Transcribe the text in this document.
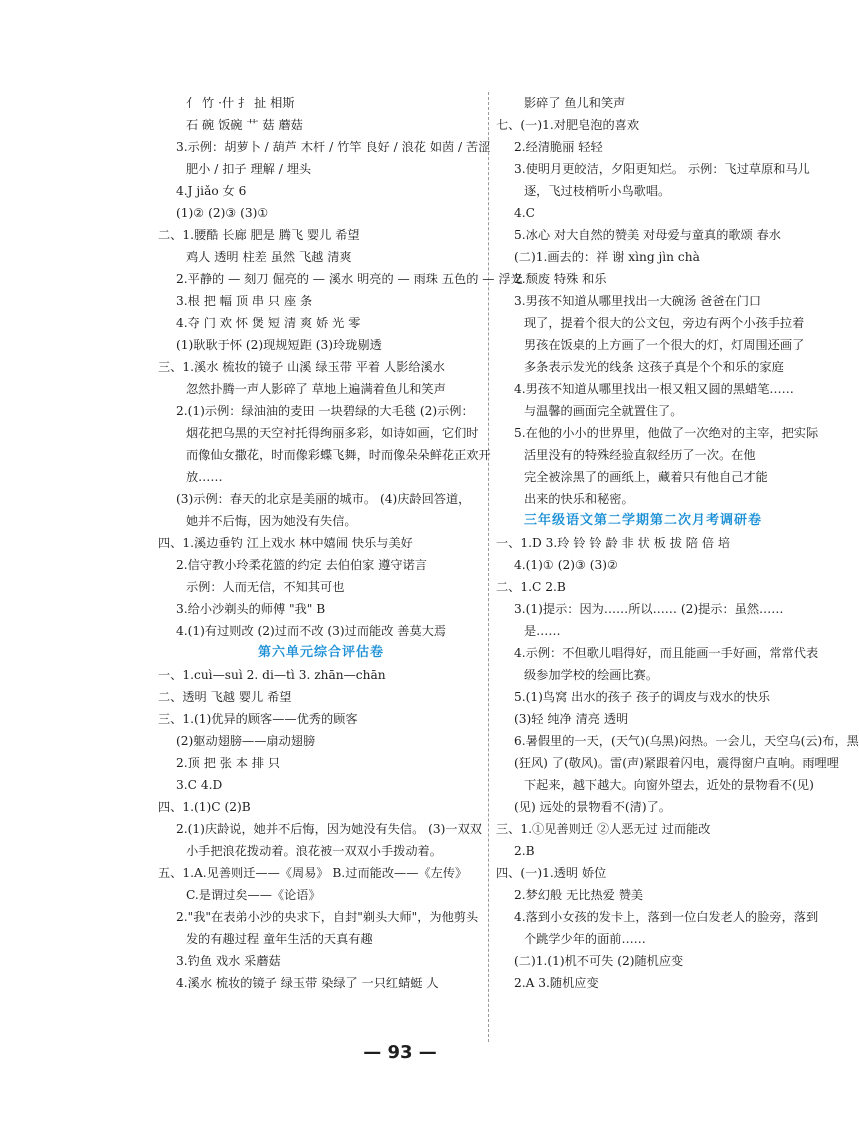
亻 竹 ·什 扌 扯 相斯
石 碗 饭碗 艹 菇 蘑菇
3.示例：胡萝卜 / 葫芦 木杆 / 竹竿 良好 / 浪花 如茵 / 苦涩
肥小 / 扣子 理解 / 埋头
4.J jiǎo 女 6
(1)② (2)③ (3)①
二、1.腰酷 长廊 肥是 腾飞 婴儿 希望
鸡人 透明 柱差 虽然 飞越 清爽
2.平静的 — 刻刀 倔亮的 — 溪水 明亮的 — 雨珠 五色的 — 浮光
3.根 把 幅 顶 串 只 座 条
4.夺 门 欢 怀 煲 短 清 爽 娇 光 零
(1)耿耿于怀 (2)现规短距 (3)玲珑剔透
三、1.溪水 梳妆的镜子 山溪 绿玉带 平着 人影给溪水
忽然扑腾一声人影碎了 草地上遍满着鱼儿和笑声
2.(1)示例：绿油油的麦田 一块碧绿的大毛毯 (2)示例：
烟花把乌黑的天空衬托得绚丽多彩，如诗如画，它们时
而像仙女撒花，时而像彩蝶飞舞，时而像朵朵鲜花正欢开
放……
(3)示例：春天的北京是美丽的城市。 (4)庆龄回答道，
她并不后悔，因为她没有失信。
四、1.溪边垂钓 江上戏水 林中嬉闹 快乐与美好
2.信守教小玲柔花篮的约定 去伯伯家 遵守诺言
示例：人而无信，不知其可也
3.给小沙剃头的师傅 "我" B
4.(1)有过则改 (2)过而不改 (3)过而能改 善莫大焉
第六单元综合评估卷
一、1.cuì—suì 2. di—tì 3. zhān—chān
二、透明 飞越 婴儿 希望
三、1.(1)优异的顾客——优秀的顾客
(2)躯动翅膀——扇动翅膀
2.顶 把 张 本 排 只
3.C 4.D
四、1.(1)C (2)B
2.(1)庆龄说，她并不后悔，因为她没有失信。 (3)一双双
小手把浪花拨动着。浪花被一双双小手拨动着。
五、1.A.见善则迁——《周易》 B.过而能改——《左传》
C.是谓过矣——《论语》
2."我"在表弟小沙的央求下，自封"剃头大师"，为他剪头
发的有趣过程 童年生活的天真有趣
3.钓鱼 戏水 采蘑菇
4.溪水 梳妆的镜子 绿玉带 染绿了 一只红蜻蜓 人
影碎了 鱼儿和笑声
七、(一)1.对肥皂泡的喜欢
2.经清脆丽 轻轻
3.使明月更皎洁，夕阳更知烂。 示例：飞过草原和马儿
逐，飞过枝梢听小鸟歌唱。
4.C
5.冰心 对大自然的赞美 对母爱与童真的歌颂 春水
(二)1.画去的：祥 谢 xìng jìn chà
2.颓废 特殊 和乐
3.男孩不知道从哪里找出一大碗汤 爸爸在门口
现了，提着个很大的公文包，旁边有两个小孩手拉着
男孩在饭桌的上方画了一个很大的灯，灯周围还画了
多条表示发光的线条 这孩子真是个个和乐的家庭
4.男孩不知道从哪里找出一根又粗又圆的黑蜡笔……
与温馨的画面完全就置住了。
5.在他的小小的世界里，他做了一次绝对的主宰，把实际
活里没有的特殊经验直叙经历了一次。在他
完全被涂黑了的画纸上，藏着只有他自己才能
出来的快乐和秘密。
三年级语文第二学期第二次月考调研卷
一、1.D 3.玲 铃 铃 龄 非 状 板 拔 陪 倍 培
4.(1)① (2)③ (3)②
二、1.C 2.B
3.(1)提示：因为……所以…… (2)提示：虽然……
是……
4.示例：不但歌儿唱得好，而且能画一手好画，常常代表
级参加学校的绘画比赛。
5.(1)鸟窝 出水的孩子 孩子的调皮与戏水的快乐
(3)轻 纯净 清亮 透明
6.暑假里的一天，(天气)(乌黑)闷热。一会儿，天空乌(云)布，黑
(狂风) 了(敬风)。雷(声)紧跟着闪电，震得窗户直响。雨哩哩
下起来，越下越大。向窗外望去，近处的景物看不(见)
(见) 远处的景物看不(清)了。
三、1.①见善则迁 ②人恶无过 过而能改
2.B
四、(一)1.透明 娇位
2.梦幻般 无比热爱 赞美
4.落到小女孩的发卡上，落到一位白发老人的脸旁，落到
个跳学少年的面前……
(二)1.(1)机不可失 (2)随机应变
2.A 3.随机应变
— 93 —
